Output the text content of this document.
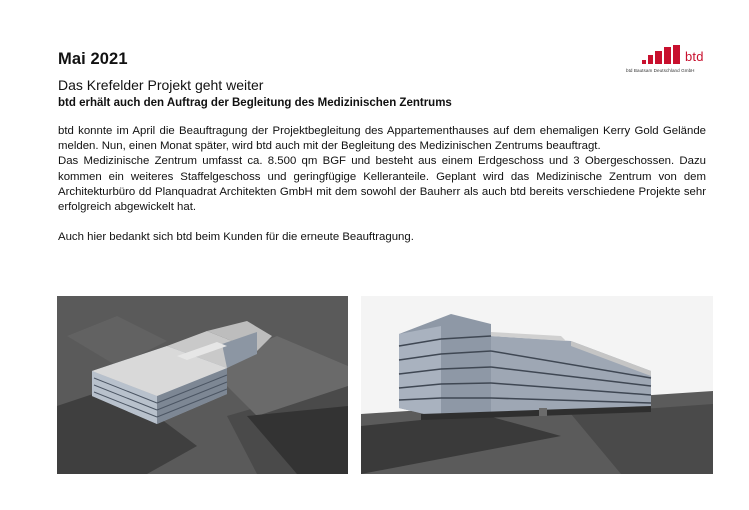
Mai 2021
Das Krefelder Projekt geht weiter
btd erhält auch den Auftrag der Begleitung des Medizinischen Zentrums
btd
btd Bautsam Deutschland GmbH

btd konnte im April die Beauftragung der Projektbegleitung des Appartementhauses auf dem ehemaligen Kerry Gold Gelände melden. Nun, einen Monat später, wird btd auch mit der Begleitung des Medizinischen Zentrums beauftragt.

Das Medizinische Zentrum umfasst ca. 8.500 qm BGF und besteht aus einem Erdgeschoss und 3 Obergeschossen. Dazu kommen ein weiteres Staffelgeschoss und geringfügige Kelleranteile. Geplant wird das Medizinische Zentrum von dem Architekturbüro dd Planquadrat Architekten GmbH mit dem sowohl der Bauherr als auch btd bereits verschiedene Projekte sehr erfolgreich abgewickelt hat.

Auch hier bedankt sich btd beim Kunden für die erneute Beauftragung.
